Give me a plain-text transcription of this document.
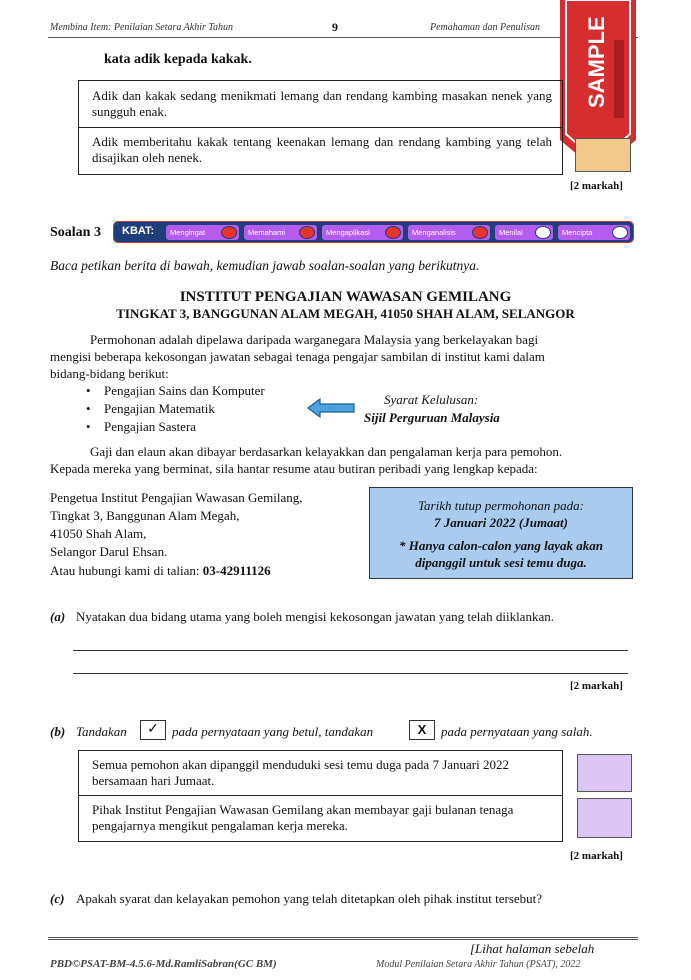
Membina Item: Penilaian Setara Akhir Tahun	9	Pemahaman dan Penulisan SAMPLE
kata adik kepada kakak.
Adik dan kakak sedang menikmati lemang dan rendang kambing masakan nenek yang sungguh enak.
Adik memberitahu kakak tentang keenakan lemang dan rendang kambing yang telah disajikan oleh nenek.
[2 markah]
Soalan 3 KBAT:	Mengingat	Memahami	Mengaplikasi	Menganalisis	Menilai	Mencipta
Baca petikan berita di bawah, kemudian jawab soalan-soalan yang berikutnya.
INSTITUT PENGAJIAN WAWASAN GEMILANG
TINGKAT 3, BANGGUNAN ALAM MEGAH, 41050 SHAH ALAM, SELANGOR
Permohonan adalah dipelawa daripada warganegara Malaysia yang berkelayakan bagi
mengisi beberapa kekosongan jawatan sebagai tenaga pengajar sambilan di institut kami dalam
bidang-bidang berikut:
• Pengajian Sains dan Komputer
• Pengajian Matematik
• Pengajian Sastera
Syarat Kelulusan:
Sijil Perguruan Malaysia
Gaji dan elaun akan dibayar berdasarkan kelayakkan dan pengalaman kerja para pemohon.
Kepada mereka yang berminat, sila hantar resume atau butiran peribadi yang lengkap kepada:
Pengetua Institut Pengajian Wawasan Gemilang,
Tingkat 3, Banggunan Alam Megah,
41050 Shah Alam,
Selangor Darul Ehsan.
Atau hubungi kami di talian: 03-42911126
Tarikh tutup permohonan pada:
7 Januari 2022 (Jumaat)
* Hanya calon-calon yang layak akan
dipanggil untuk sesi temu duga.
(a) Nyatakan dua bidang utama yang boleh mengisi kekosongan jawatan yang telah diiklankan.
[2 markah]
(b) Tandakan	✓	pada pernyataan yang betul, tandakan	X	pada pernyataan yang salah.
Semua pemohon akan dipanggil menduduki sesi temu duga pada 7 Januari 2022 bersamaan hari Jumaat.
Pihak Institut Pengajian Wawasan Gemilang akan membayar gaji bulanan tenaga pengajarnya mengikut pengalaman kerja mereka.
[2 markah]
(c) Apakah syarat dan kelayakan pemohon yang telah ditetapkan oleh pihak institut tersebut?
[Lihat halaman sebelah
PBD©PSAT-BM-4.5.6-Md.RamliSabran(GC BM)	Modul Penilaian Setara Akhir Tahun (PSAT), 2022
